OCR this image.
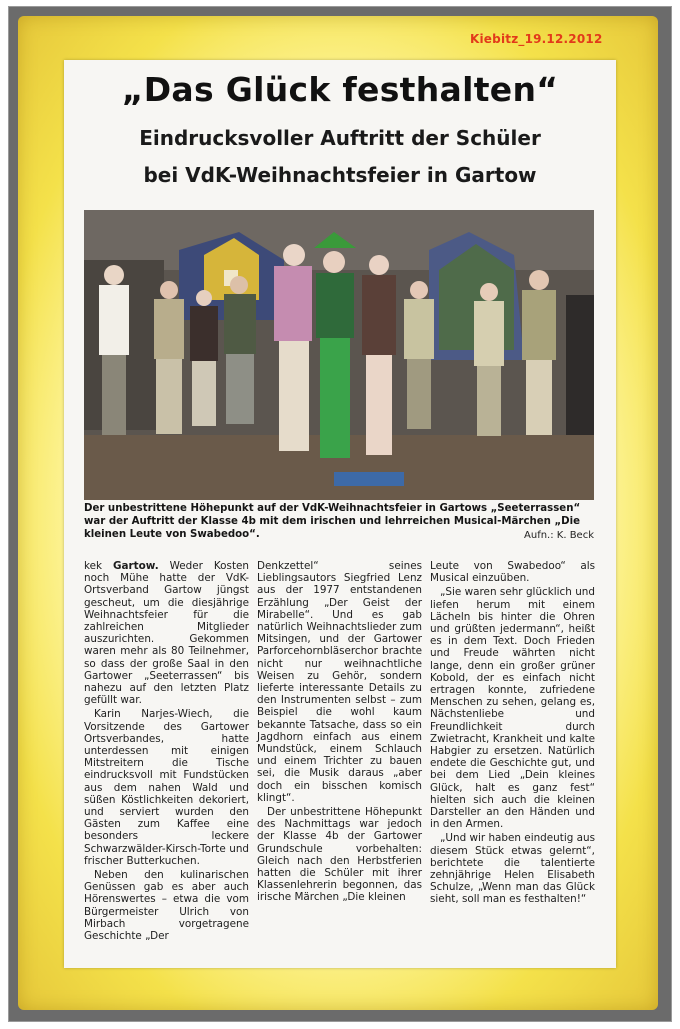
Kiebitz_19.12.2012
„Das Glück festhalten“
Eindrucksvoller Auftritt der Schüler
bei VdK-Weihnachtsfeier in Gartow
Der unbestrittene Höhepunkt auf der VdK-Weihnachtsfeier in Gartows „Seeterrassen“ war der Auftritt der Klasse 4b mit dem irischen und lehrreichen Musical-Märchen „Die kleinen Leute von Swabedoo“.	Aufn.: K. Beck

kek Gartow. Weder Kosten noch Mühe hatte der VdK-Ortsverband Gartow jüngst gescheut, um die diesjährige Weihnachtsfeier für die zahlreichen Mitglieder auszurichten. Gekommen waren mehr als 80 Teilnehmer, so dass der große Saal in den Gartower „Seeterrassen“ bis nahezu auf den letzten Platz gefüllt war.

Karin Narjes-Wiech, die Vorsitzende des Gartower Ortsverbandes, hatte unterdessen mit einigen Mitstreitern die Tische eindrucksvoll mit Fundstücken aus dem nahen Wald und süßen Köstlichkeiten dekoriert, und serviert wurden den Gästen zum Kaffee eine besonders leckere Schwarzwälder-Kirsch-Torte und frischer Butterkuchen.

Neben den kulinarischen Genüssen gab es aber auch Hörenswertes – etwa die vom Bürgermeister Ulrich von Mirbach vorgetragene Geschichte „Der

Denkzettel“ seines Lieblingsautors Siegfried Lenz aus der 1977 entstandenen Erzählung „Der Geist der Mirabelle“. Und es gab natürlich Weihnachtslieder zum Mitsingen, und der Gartower Parforcehornbläserchor brachte nicht nur weihnachtliche Weisen zu Gehör, sondern lieferte interessante Details zu den Instrumenten selbst – zum Beispiel die wohl kaum bekannte Tatsache, dass so ein Jagdhorn einfach aus einem Mundstück, einem Schlauch und einem Trichter zu bauen sei, die Musik daraus „aber doch ein bisschen komisch klingt“.

Der unbestrittene Höhepunkt des Nachmittags war jedoch der Klasse 4b der Gartower Grundschule vorbehalten: Gleich nach den Herbstferien hatten die Schüler mit ihrer Klassenlehrerin begonnen, das irische Märchen „Die kleinen

Leute von Swabedoo“ als Musical einzuüben.

„Sie waren sehr glücklich und liefen herum mit einem Lächeln bis hinter die Ohren und grüßten jedermann“, heißt es in dem Text. Doch Frieden und Freude währten nicht lange, denn ein großer grüner Kobold, der es einfach nicht ertragen konnte, zufriedene Menschen zu sehen, gelang es, Nächstenliebe und Freundlichkeit durch Zwietracht, Krankheit und kalte Habgier zu ersetzen. Natürlich endete die Geschichte gut, und bei dem Lied „Dein kleines Glück, halt es ganz fest“ hielten sich auch die kleinen Darsteller an den Händen und in den Armen.

„Und wir haben eindeutig aus diesem Stück etwas gelernt“, berichtete die talentierte zehnjährige Helen Elisabeth Schulze, „Wenn man das Glück sieht, soll man es festhalten!“
